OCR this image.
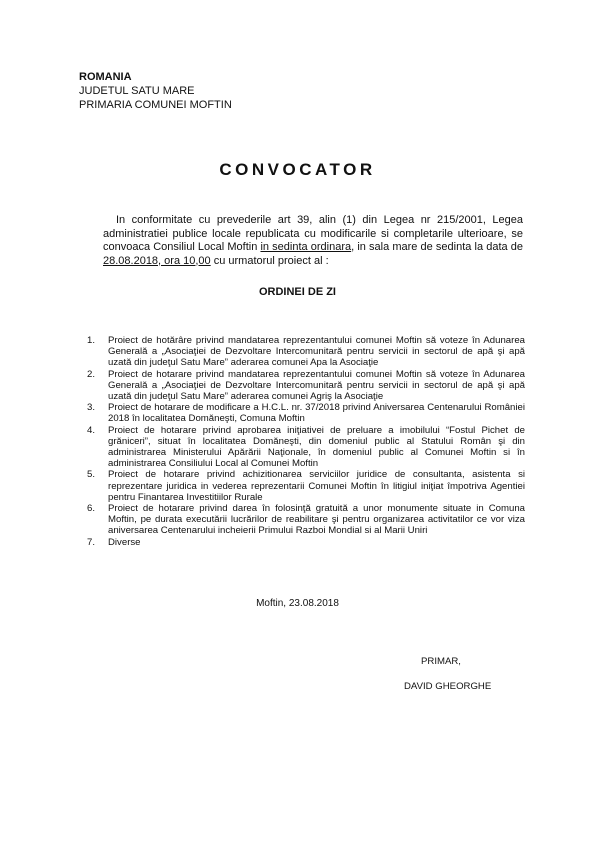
ROMANIA
JUDETUL SATU MARE
PRIMARIA COMUNEI MOFTIN
CONVOCATOR
In conformitate cu prevederile art 39, alin (1) din Legea nr 215/2001, Legea administratiei publice locale republicata cu modificarile si completarile ulterioare, se convoaca Consiliul Local Moftin in sedinta ordinara, in sala mare de sedinta la data de 28.08.2018, ora 10,00 cu urmatorul proiect al :
ORDINEI DE ZI
1. Proiect de hotărâre privind mandatarea reprezentantului comunei Moftin să voteze în Adunarea Generală a „Asociaţiei de Dezvoltare Intercomunitară pentru servicii in sectorul de apă şi apă uzată din judeţul Satu Mare” aderarea comunei Apa la Asociaţie
2. Proiect de hotarare privind mandatarea reprezentantului comunei Moftin să voteze în Adunarea Generală a „Asociaţiei de Dezvoltare Intercomunitară pentru servicii in sectorul de apă şi apă uzată din judeţul Satu Mare” aderarea comunei Agriş la Asociaţie
3. Proiect de hotarare de modificare a H.C.L. nr. 37/2018 privind Aniversarea Centenarului României 2018 în localitatea Domăneşti, Comuna Moftin
4. Proiect de hotarare privind aprobarea iniţiativei de preluare a imobilului “Fostul Pichet de grăniceri”, situat în localitatea Domăneşti, din domeniul public al Statului Român şi din administrarea Ministerului Apărării Naţionale, în domeniul public al Comunei Moftin si în administrarea Consiliului Local al Comunei Moftin
5. Proiect de hotarare privind achizitionarea serviciilor juridice de consultanta, asistenta si reprezentare juridica in vederea reprezentarii Comunei Moftin în litigiul iniţiat împotriva Agentiei pentru Finantarea Investitiilor Rurale
6. Proiect de hotarare privind darea în folosinţă gratuită a unor monumente situate in Comuna Moftin, pe durata executării lucrărilor de reabilitare şi pentru organizarea activitatilor ce vor viza aniversarea Centenarului incheierii Primului Razboi Mondial si al Marii Uniri
7. Diverse
Moftin, 23.08.2018
PRIMAR,
DAVID GHEORGHE
